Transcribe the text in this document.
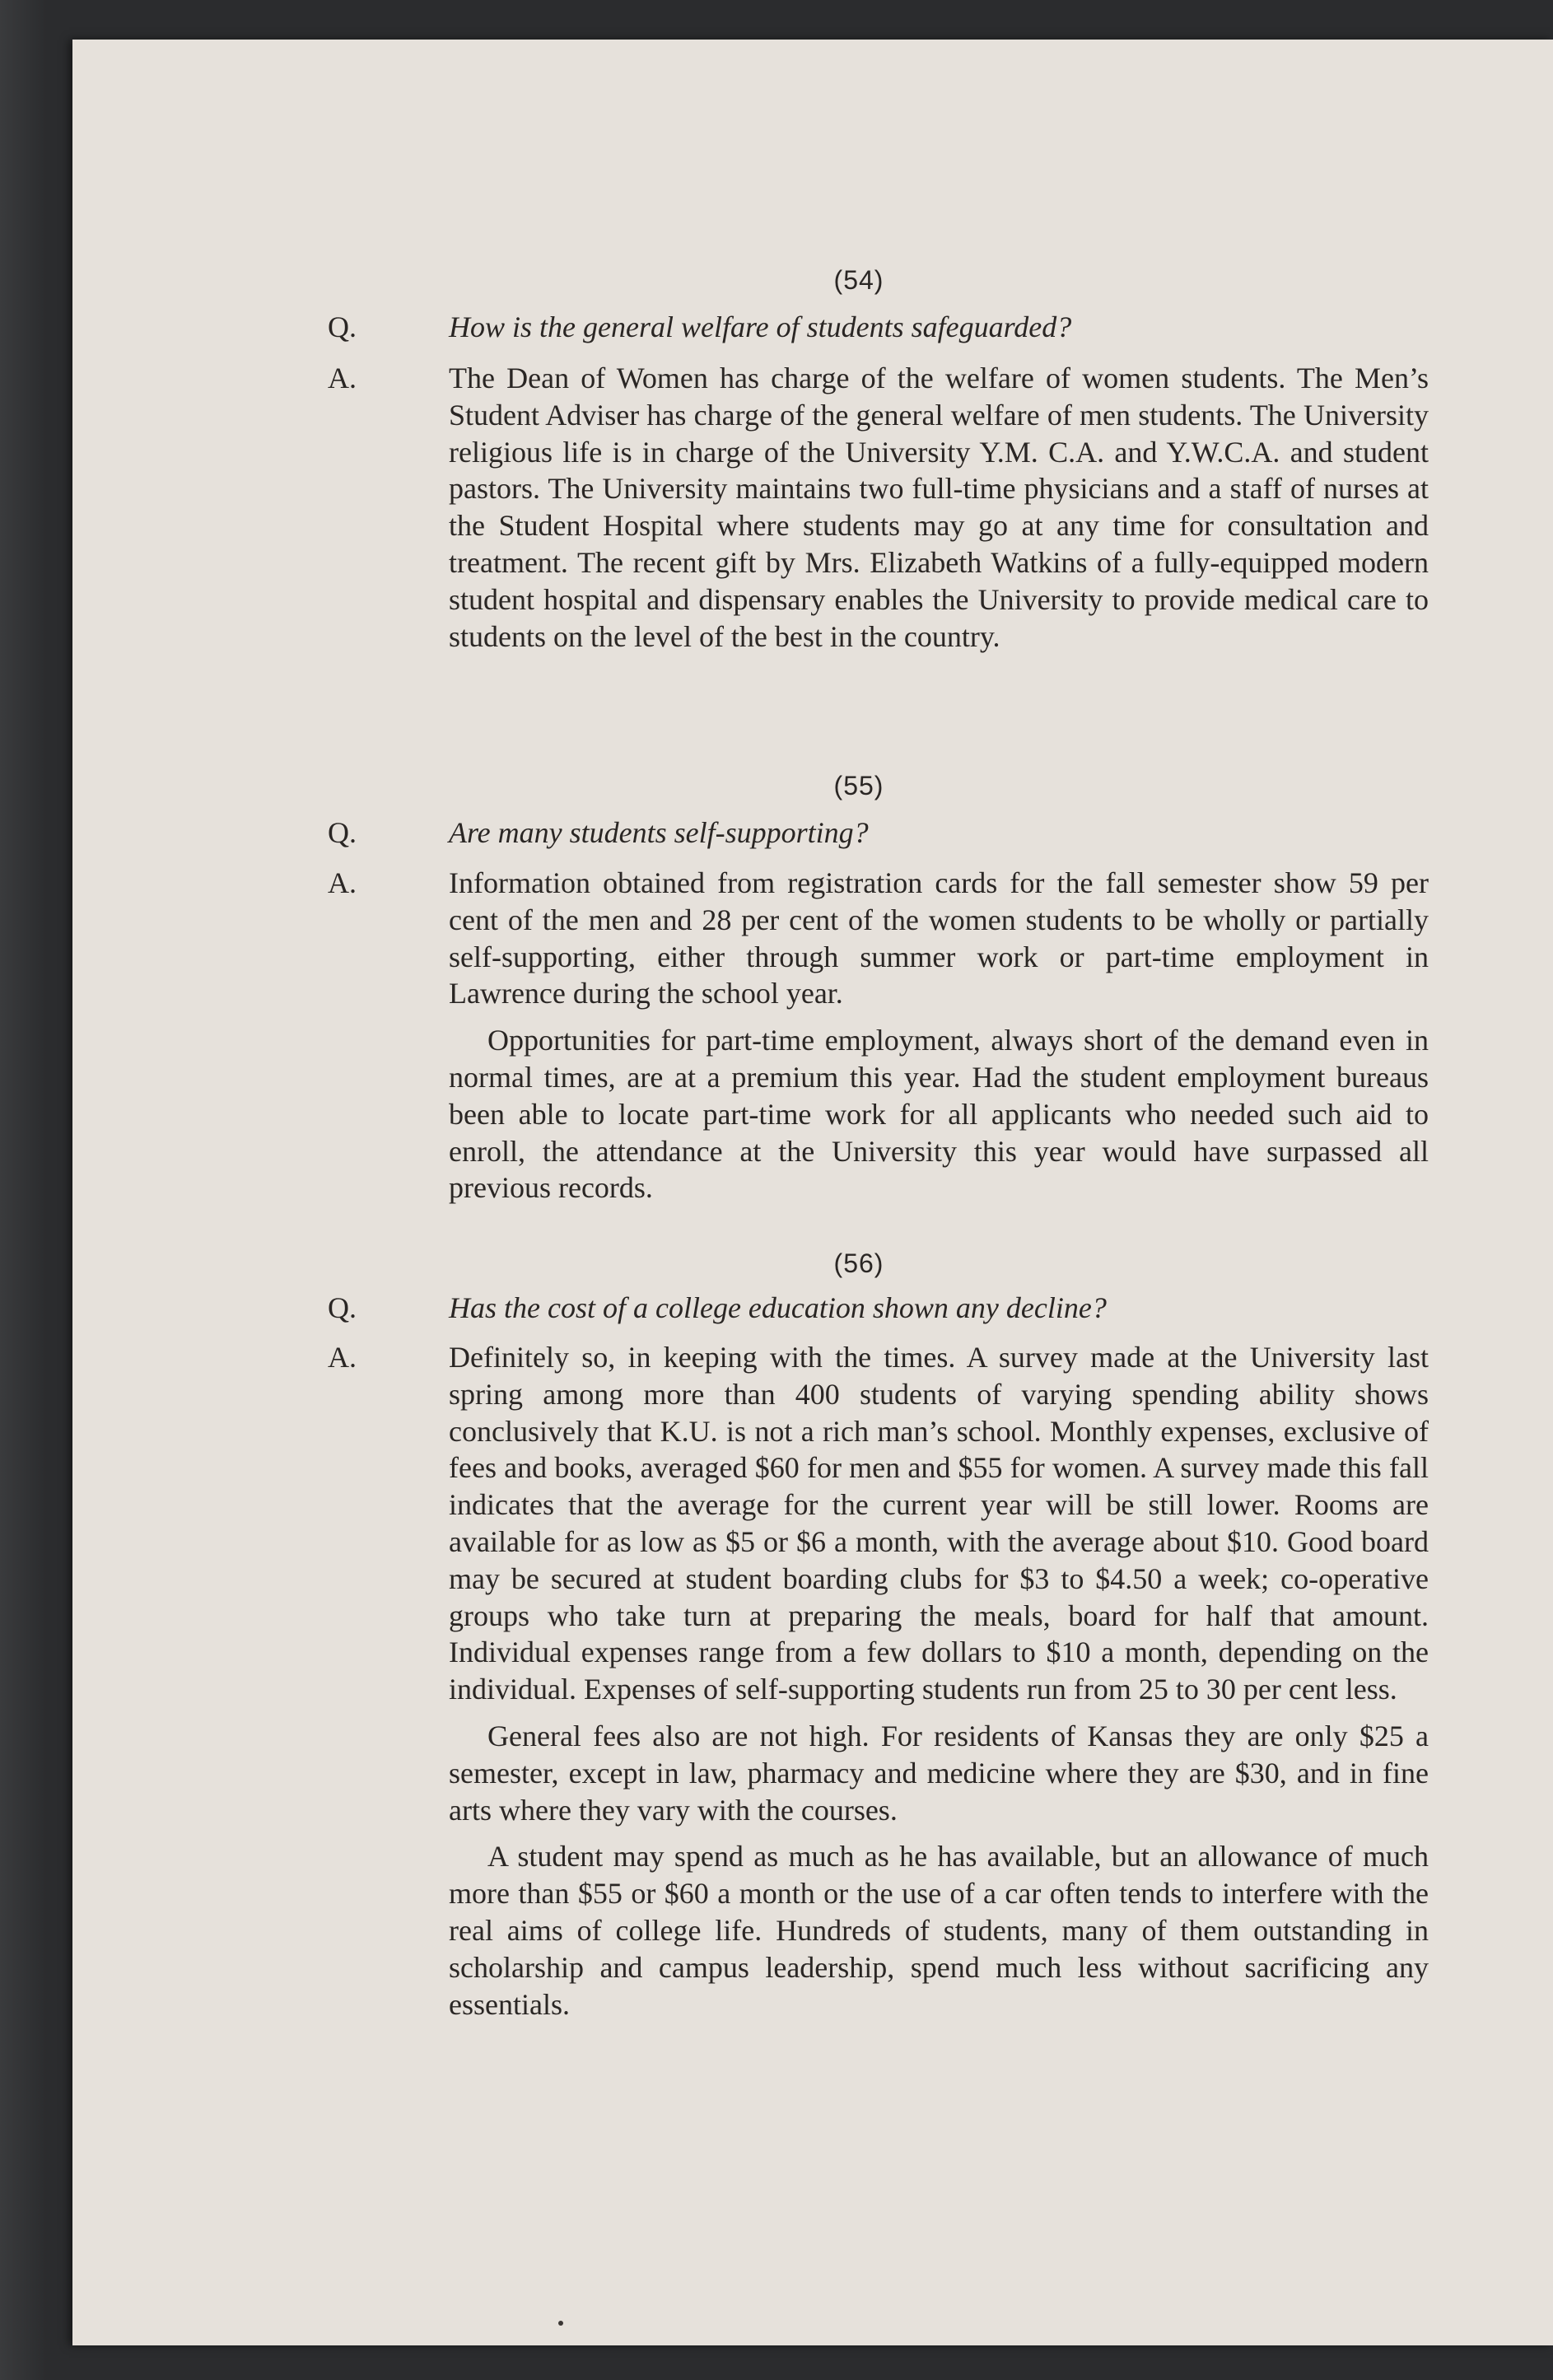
(54)
Q.	How is the general welfare of students safeguarded?
A.	The Dean of Women has charge of the welfare of women students. The Men’s Student Adviser has charge of the general welfare of men students. The University religious life is in charge of the University Y.M. C.A. and Y.W.C.A. and student pastors. The University maintains two full-time physicians and a staff of nurses at the Student Hospital where students may go at any time for consultation and treatment. The recent gift by Mrs. Elizabeth Watkins of a fully-equipped modern student hospital and dispensary enables the University to provide medical care to students on the level of the best in the country.

(55)
Q.	Are many students self-supporting?
A.	Information obtained from registration cards for the fall semester show 59 per cent of the men and 28 per cent of the women students to be wholly or partially self-supporting, either through summer work or part-time employment in Lawrence during the school year.

Opportunities for part-time employment, always short of the demand even in normal times, are at a premium this year. Had the student employment bureaus been able to locate part-time work for all applicants who needed such aid to enroll, the attendance at the University this year would have surpassed all previous records.

(56)
Q.	Has the cost of a college education shown any decline?
A.	Definitely so, in keeping with the times. A survey made at the University last spring among more than 400 students of varying spending ability shows conclusively that K.U. is not a rich man’s school. Monthly expenses, exclusive of fees and books, averaged $60 for men and $55 for women. A survey made this fall indicates that the average for the current year will be still lower. Rooms are available for as low as $5 or $6 a month, with the average about $10. Good board may be secured at student boarding clubs for $3 to $4.50 a week; co-operative groups who take turn at preparing the meals, board for half that amount. Individual expenses range from a few dollars to $10 a month, depending on the individual. Expenses of self-supporting students run from 25 to 30 per cent less.

General fees also are not high. For residents of Kansas they are only $25 a semester, except in law, pharmacy and medicine where they are $30, and in fine arts where they vary with the courses.

A student may spend as much as he has available, but an allowance of much more than $55 or $60 a month or the use of a car often tends to interfere with the real aims of college life. Hundreds of students, many of them outstanding in scholarship and campus leadership, spend much less without sacrificing any essentials.
